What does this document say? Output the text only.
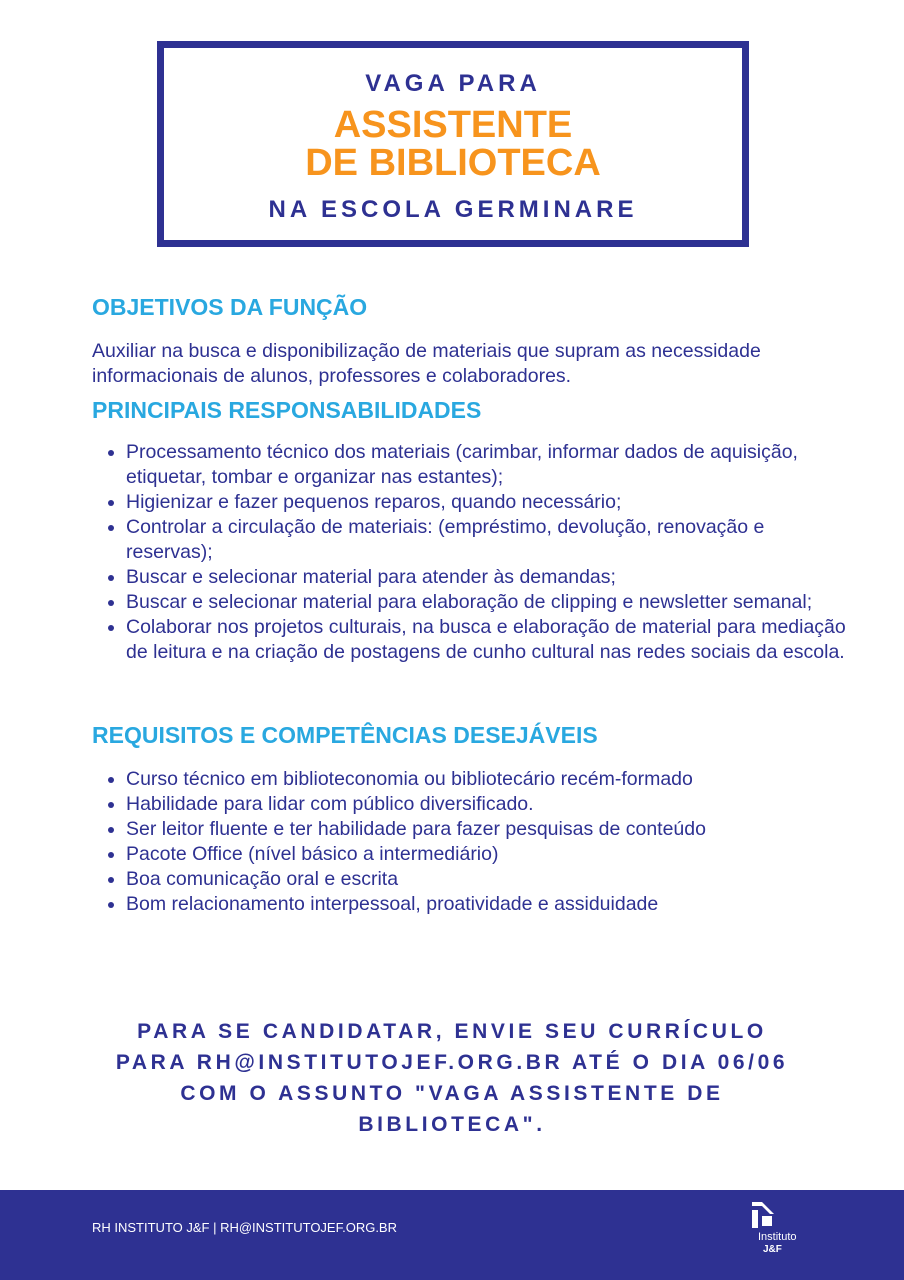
VAGA PARA
ASSISTENTE
DE BIBLIOTECA
NA ESCOLA GERMINARE
OBJETIVOS DA FUNÇÃO

Auxiliar na busca e disponibilização de materiais que supram as necessidade informacionais de alunos, professores e colaboradores.

PRINCIPAIS RESPONSABILIDADES
• Processamento técnico dos materiais (carimbar, informar dados de aquisição, etiquetar, tombar e organizar nas estantes);
• Higienizar e fazer pequenos reparos, quando necessário;
• Controlar a circulação de materiais: (empréstimo, devolução, renovação e reservas);
• Buscar e selecionar material para atender às demandas;
• Buscar e selecionar material para elaboração de clipping e newsletter semanal;
• Colaborar nos projetos culturais, na busca e elaboração de material para mediação de leitura e na criação de postagens de cunho cultural nas redes sociais da escola.
REQUISITOS E COMPETÊNCIAS DESEJÁVEIS
• Curso técnico em biblioteconomia ou bibliotecário recém-formado
• Habilidade para lidar com público diversificado.
• Ser leitor fluente e ter habilidade para fazer pesquisas de conteúdo
• Pacote Office (nível básico a intermediário)
• Boa comunicação oral e escrita
• Bom relacionamento interpessoal, proatividade e assiduidade
PARA SE CANDIDATAR, ENVIE SEU CURRÍCULO PARA RH@INSTITUTOJEF.ORG.BR ATÉ O DIA 06/06 COM O ASSUNTO "VAGA ASSISTENTE DE BIBLIOTECA".
RH INSTITUTO J&F | RH@INSTITUTOJEF.ORG.BR
Instituto
J&F
